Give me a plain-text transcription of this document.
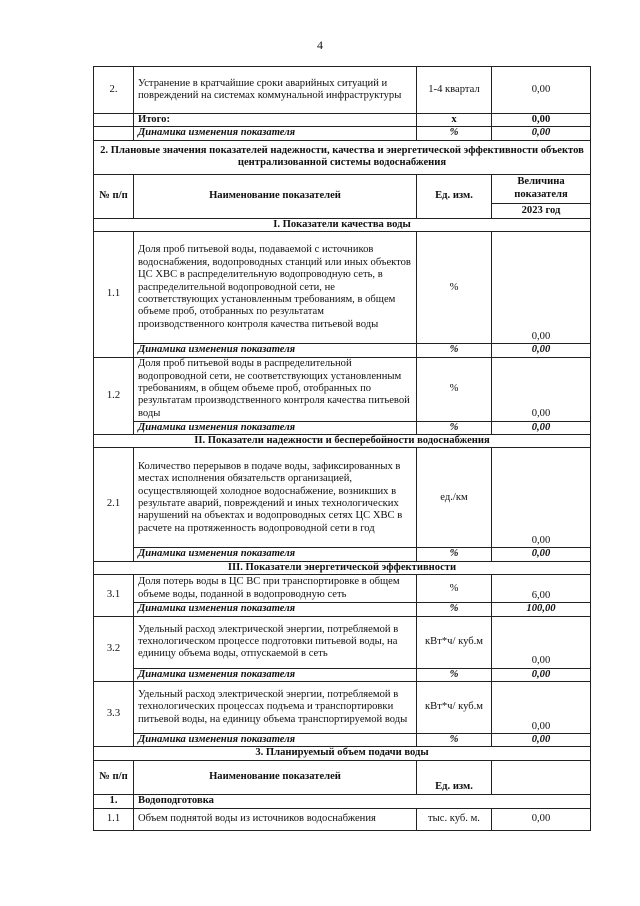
4
2.	Устранение в кратчайшие сроки аварийных ситуаций и повреждений на системах коммунальной инфраструктуры	1-4 квартал	0,00
	Итого:	x	0,00
	Динамика изменения показателя	%	0,00
2. Плановые значения показателей надежности, качества и энергетической эффективности объектов централизованной системы водоснабжения			
№ п/п	Наименование показателей	Ед. изм.	Величина показателя
			2023 год
I. Показатели качества воды			
1.1	Доля проб питьевой воды, подаваемой с источников водоснабжения, водопроводных станций или иных объектов ЦС ХВС в распределительную водопроводную сеть, в распределительной водопроводной сети, не соответствующих установленным требованиям, в общем объеме проб, отобранных по результатам производственного контроля качества питьевой воды	%	0,00
	Динамика изменения показателя	%	0,00
1.2	Доля проб питьевой воды в распределительной водопроводной сети, не соответствующих установленным требованиям, в общем объеме проб, отобранных по результатам производственного контроля качества питьевой воды	%	0,00
	Динамика изменения показателя	%	0,00
II. Показатели надежности и бесперебойности водоснабжения			
2.1	Количество перерывов в подаче воды, зафиксированных в местах исполнения обязательств организацией, осуществляющей холодное водоснабжение, возникших в результате аварий, повреждений и иных технологических нарушений на объектах и водопроводных сетях ЦС ХВС в расчете на протяженность водопроводной сети в год	ед./км	0,00
	Динамика изменения показателя	%	0,00
III. Показатели энергетической эффективности			
3.1	Доля потерь воды в ЦС ВС при транспортировке в общем объеме воды, поданной в водопроводную сеть	%	6,00
	Динамика изменения показателя	%	100,00
3.2	Удельный расход электрической энергии, потребляемой в технологическом процессе подготовки питьевой воды, на единицу объема воды, отпускаемой в сеть	кВт*ч/ куб.м	0,00
	Динамика изменения показателя	%	0,00
3.3	Удельный расход электрической энергии, потребляемой в технологических процессах подъема и транспортировки питьевой воды, на единицу объема транспортируемой воды	кВт*ч/ куб.м	0,00
	Динамика изменения показателя	%	0,00
3. Планируемый объем подачи воды			
№ п/п	Наименование показателей	Ед. изм.	
1.	Водоподготовка		
1.1	Объем поднятой воды из источников водоснабжения	тыс. куб. м.	0,00
